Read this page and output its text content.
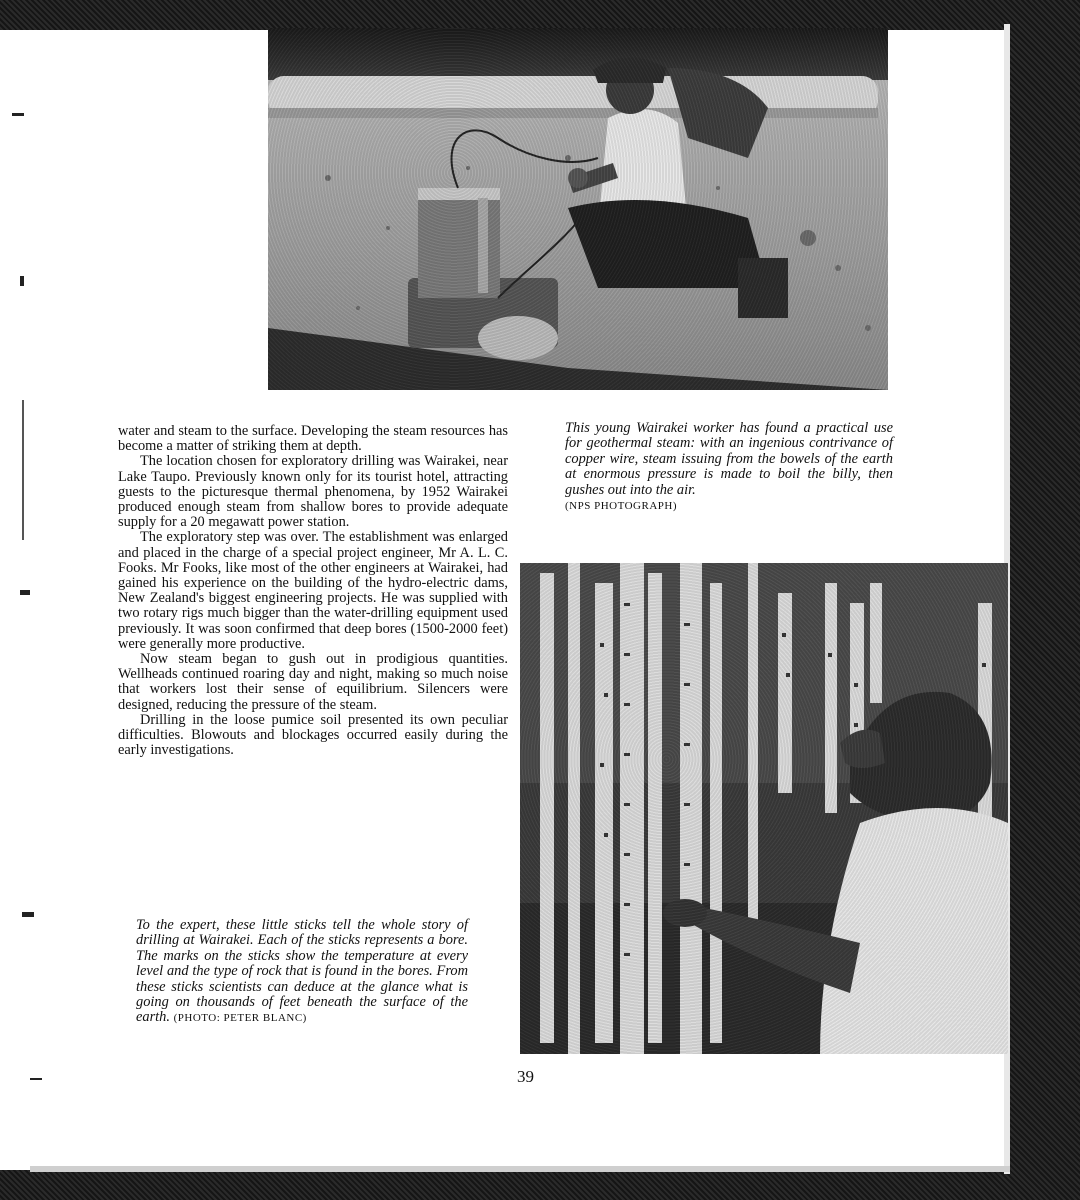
water and steam to the surface. Developing the steam resources has become a matter of striking them at depth.

The location chosen for exploratory drilling was Wairakei, near Lake Taupo. Previously known only for its tourist hotel, attracting guests to the picturesque thermal phenomena, by 1952 Wairakei produced enough steam from shallow bores to provide adequate supply for a 20 megawatt power station.

The exploratory step was over. The establishment was enlarged and placed in the charge of a special project engineer, Mr A. L. C. Fooks. Mr Fooks, like most of the other engineers at Wairakei, had gained his experience on the building of the hydro-electric dams, New Zealand's biggest engineering projects. He was supplied with two rotary rigs much bigger than the water-drilling equipment used previously. It was soon confirmed that deep bores (1500-2000 feet) were generally more productive.

Now steam began to gush out in prodigious quantities. Wellheads continued roaring day and night, making so much noise that workers lost their sense of equilibrium. Silencers were designed, reducing the pressure of the steam.

Drilling in the loose pumice soil presented its own peculiar difficulties. Blowouts and blockages occurred easily during the early investigations.

This young Wairakei worker has found a practical use for geothermal steam: with an ingenious contrivance of copper wire, steam issuing from the bowels of the earth at enormous pressure is made to boil the billy, then gushes out into the air.
(NPS PHOTOGRAPH)
To the expert, these little sticks tell the whole story of drilling at Wairakei. Each of the sticks represents a bore. The marks on the sticks show the temperature at every level and the type of rock that is found in the bores. From these sticks scientists can deduce at the glance what is going on thousands of feet beneath the surface of the earth. (PHOTO: PETER BLANC)
39
